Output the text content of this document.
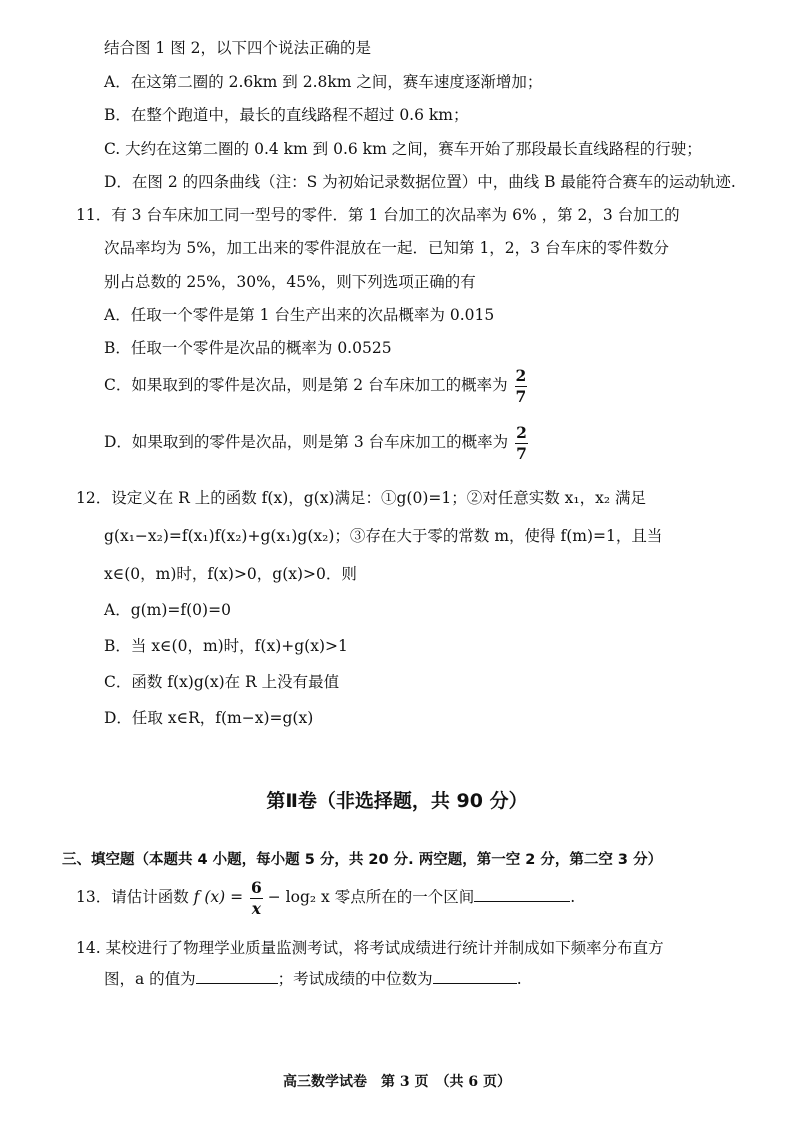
结合图 1 图 2，以下四个说法正确的是
A．在这第二圈的 2.6km 到 2.8km 之间，赛车速度逐渐增加；
B．在整个跑道中，最长的直线路程不超过 0.6 km；
C. 大约在这第二圈的 0.4 km 到 0.6 km 之间，赛车开始了那段最长直线路程的行驶；
D．在图 2 的四条曲线（注：S 为初始记录数据位置）中，曲线 B 最能符合赛车的运动轨迹.
11．有 3 台车床加工同一型号的零件．第 1 台加工的次品率为 6% ，第 2，3 台加工的
次品率均为 5%，加工出来的零件混放在一起．已知第 1，2，3 台车床的零件数分
别占总数的 25%，30%，45%，则下列选项正确的有
A．任取一个零件是第 1 台生产出来的次品概率为 0.015
B．任取一个零件是次品的概率为 0.0525
C．如果取到的零件是次品，则是第 2 台车床加工的概率为 $\frac{2}{7}$
D．如果取到的零件是次品，则是第 3 台车床加工的概率为 $\frac{2}{7}$
12．设定义在 R 上的函数 f(x)，g(x)满足：①g(0)=1；②对任意实数 x₁，x₂ 满足
g(x₁−x₂)=f(x₁)f(x₂)+g(x₁)g(x₂)；③存在大于零的常数 m，使得 f(m)=1，且当
x∈(0，m)时，f(x)>0，g(x)>0．则
A．g(m)=f(0)=0
B．当 x∈(0，m)时，f(x)+g(x)>1
C．函数 f(x)g(x)在 R 上没有最值
D．任取 x∈R，f(m−x)=g(x)
第Ⅱ卷（非选择题，共 90 分）
三、填空题（本题共 4 小题，每小题 5 分，共 20 分. 两空题，第一空 2 分，第二空 3 分）
13．请估计函数 f $(x) = \frac{6}{x} - \log_2$ x 零点所在的一个区间	.
14. 某校进行了物理学业质量监测考试，将考试成绩进行统计并制成如下频率分布直方
图，a 的值为	；考试成绩的中位数为	.
高三数学试卷　第 3 页　（共 6 页）
